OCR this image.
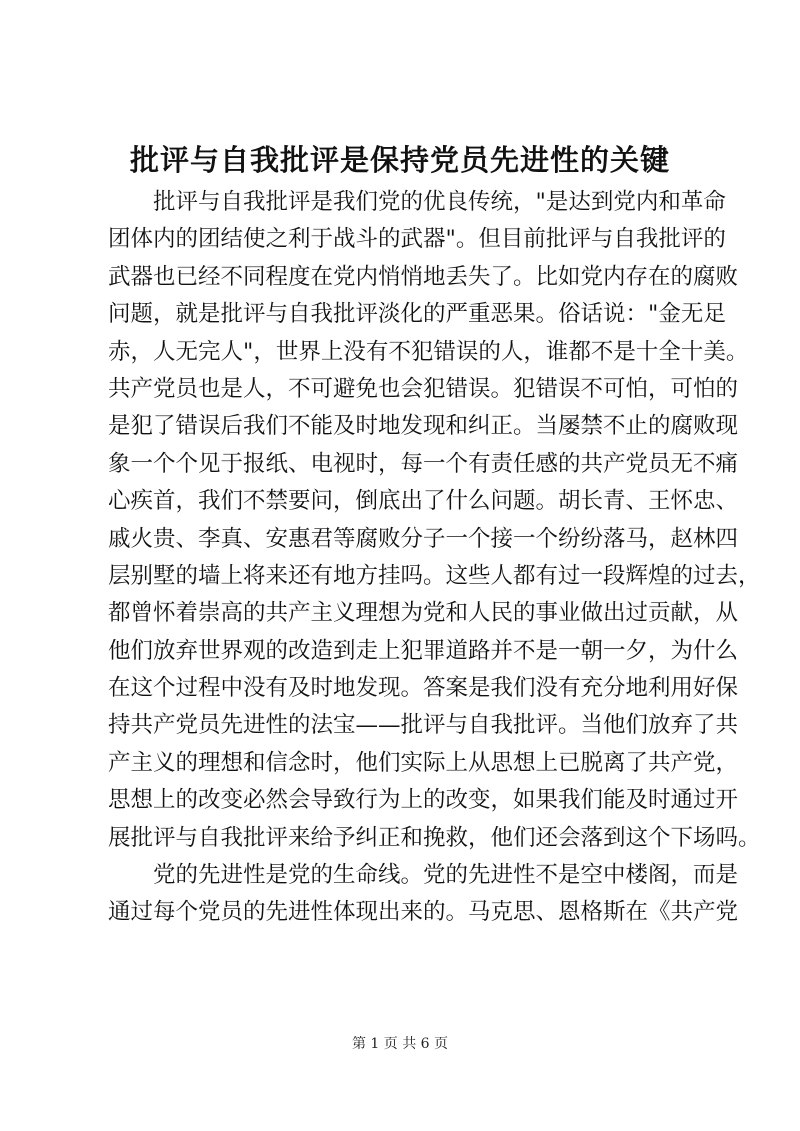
批评与自我批评是保持党员先进性的关键
批评与自我批评是我们党的优良传统，"是达到党内和革命
团体内的团结使之利于战斗的武器"。但目前批评与自我批评的
武器也已经不同程度在党内悄悄地丢失了。比如党内存在的腐败
问题，就是批评与自我批评淡化的严重恶果。俗话说："金无足
赤，人无完人"，世界上没有不犯错误的人，谁都不是十全十美。
共产党员也是人，不可避免也会犯错误。犯错误不可怕，可怕的
是犯了错误后我们不能及时地发现和纠正。当屡禁不止的腐败现
象一个个见于报纸、电视时，每一个有责任感的共产党员无不痛
心疾首，我们不禁要问，倒底出了什么问题。胡长青、王怀忠、
戚火贵、李真、安惠君等腐败分子一个接一个纷纷落马，赵林四
层别墅的墙上将来还有地方挂吗。这些人都有过一段辉煌的过去，
都曾怀着崇高的共产主义理想为党和人民的事业做出过贡献，从
他们放弃世界观的改造到走上犯罪道路并不是一朝一夕，为什么
在这个过程中没有及时地发现。答案是我们没有充分地利用好保
持共产党员先进性的法宝——批评与自我批评。当他们放弃了共
产主义的理想和信念时，他们实际上从思想上已脱离了共产党，
思想上的改变必然会导致行为上的改变，如果我们能及时通过开
展批评与自我批评来给予纠正和挽救，他们还会落到这个下场吗。
党的先进性是党的生命线。党的先进性不是空中楼阁，而是
通过每个党员的先进性体现出来的。马克思、恩格斯在《共产党
第 1 页 共 6 页
